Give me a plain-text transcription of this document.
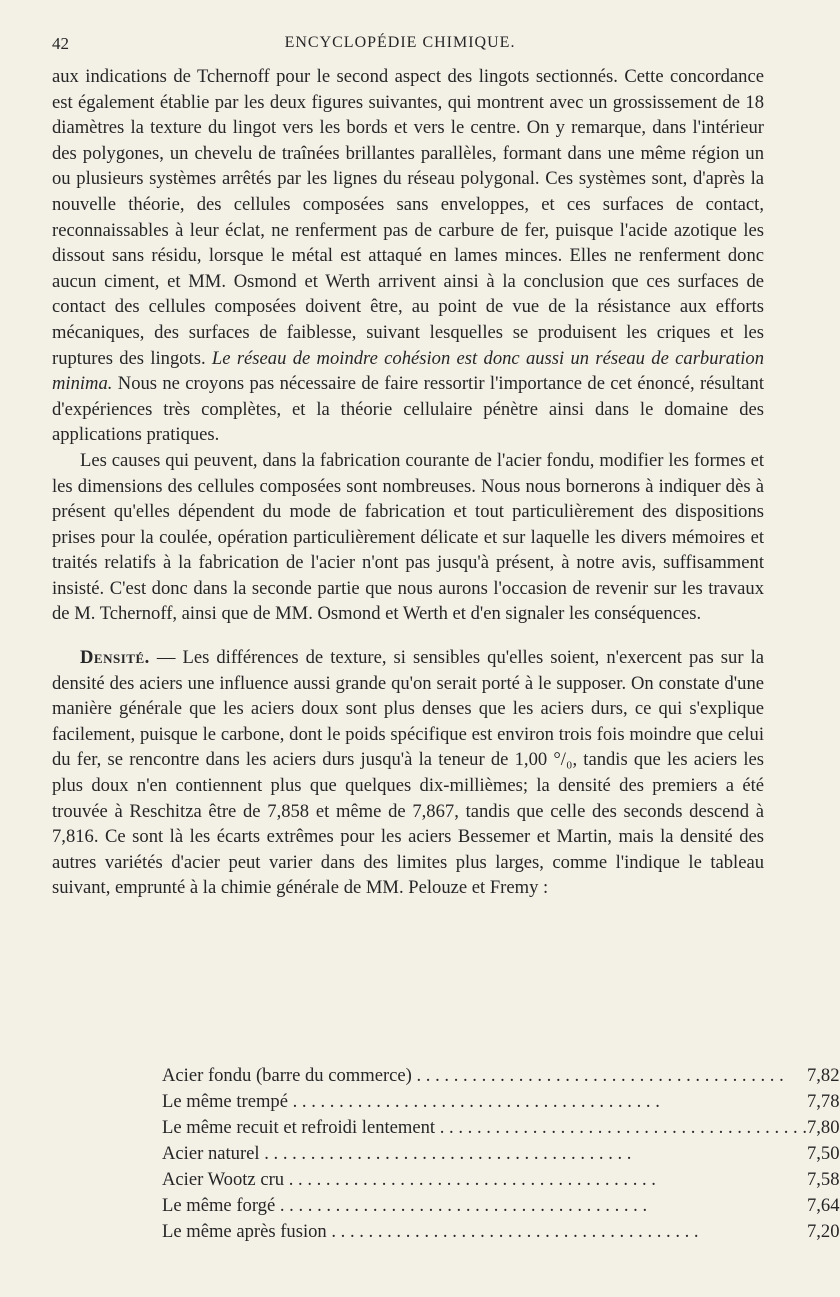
42	ENCYCLOPÉDIE CHIMIQUE.

aux indications de Tchernoff pour le second aspect des lingots sectionnés. Cette concordance est également établie par les deux figures suivantes, qui montrent avec un grossissement de 18 diamètres la texture du lingot vers les bords et vers le centre. On y remarque, dans l'intérieur des polygones, un chevelu de traînées brillantes parallèles, formant dans une même région un ou plusieurs systèmes arrêtés par les lignes du réseau polygonal. Ces systèmes sont, d'après la nouvelle théorie, des cellules composées sans enveloppes, et ces surfaces de contact, reconnaissables à leur éclat, ne renferment pas de carbure de fer, puisque l'acide azotique les dissout sans résidu, lorsque le métal est attaqué en lames minces. Elles ne renferment donc aucun ciment, et MM. Osmond et Werth arrivent ainsi à la conclusion que ces surfaces de contact des cellules composées doivent être, au point de vue de la résistance aux efforts mécaniques, des surfaces de faiblesse, suivant lesquelles se produisent les criques et les ruptures des lingots. Le réseau de moindre cohésion est donc aussi un réseau de carburation minima. Nous ne croyons pas nécessaire de faire ressortir l'importance de cet énoncé, résultant d'expériences très complètes, et la théorie cellulaire pénètre ainsi dans le domaine des applications pratiques.

Les causes qui peuvent, dans la fabrication courante de l'acier fondu, modifier les formes et les dimensions des cellules composées sont nombreuses. Nous nous bornerons à indiquer dès à présent qu'elles dépendent du mode de fabrication et tout particulièrement des dispositions prises pour la coulée, opération particulièrement délicate et sur laquelle les divers mémoires et traités relatifs à la fabrication de l'acier n'ont pas jusqu'à présent, à notre avis, suffisamment insisté. C'est donc dans la seconde partie que nous aurons l'occasion de revenir sur les travaux de M. Tchernoff, ainsi que de MM. Osmond et Werth et d'en signaler les conséquences.

Densité. — Les différences de texture, si sensibles qu'elles soient, n'exercent pas sur la densité des aciers une influence aussi grande qu'on serait porté à le supposer. On constate d'une manière générale que les aciers doux sont plus denses que les aciers durs, ce qui s'explique facilement, puisque le carbone, dont le poids spécifique est environ trois fois moindre que celui du fer, se rencontre dans les aciers durs jusqu'à la teneur de 1,00 °/₀, tandis que les aciers les plus doux n'en contiennent plus que quelques dix-millièmes; la densité des premiers a été trouvée à Reschitza être de 7,858 et même de 7,867, tandis que celle des seconds descend à 7,816. Ce sont là les écarts extrêmes pour les aciers Bessemer et Martin, mais la densité des autres variétés d'acier peut varier dans des limites plus larges, comme l'indique le tableau suivant, emprunté à la chimie générale de MM. Pelouze et Fremy :

Acier fondu (barre du commerce) . . .	7,82
Le même trempé . . .	7,78
Le même recuit et refroidi lentement . . .	7,80
Acier naturel . . .	7,50
Acier Wootz cru . . .	7,58
Le même forgé . . .	7,64
Le même après fusion . . .	7,20
